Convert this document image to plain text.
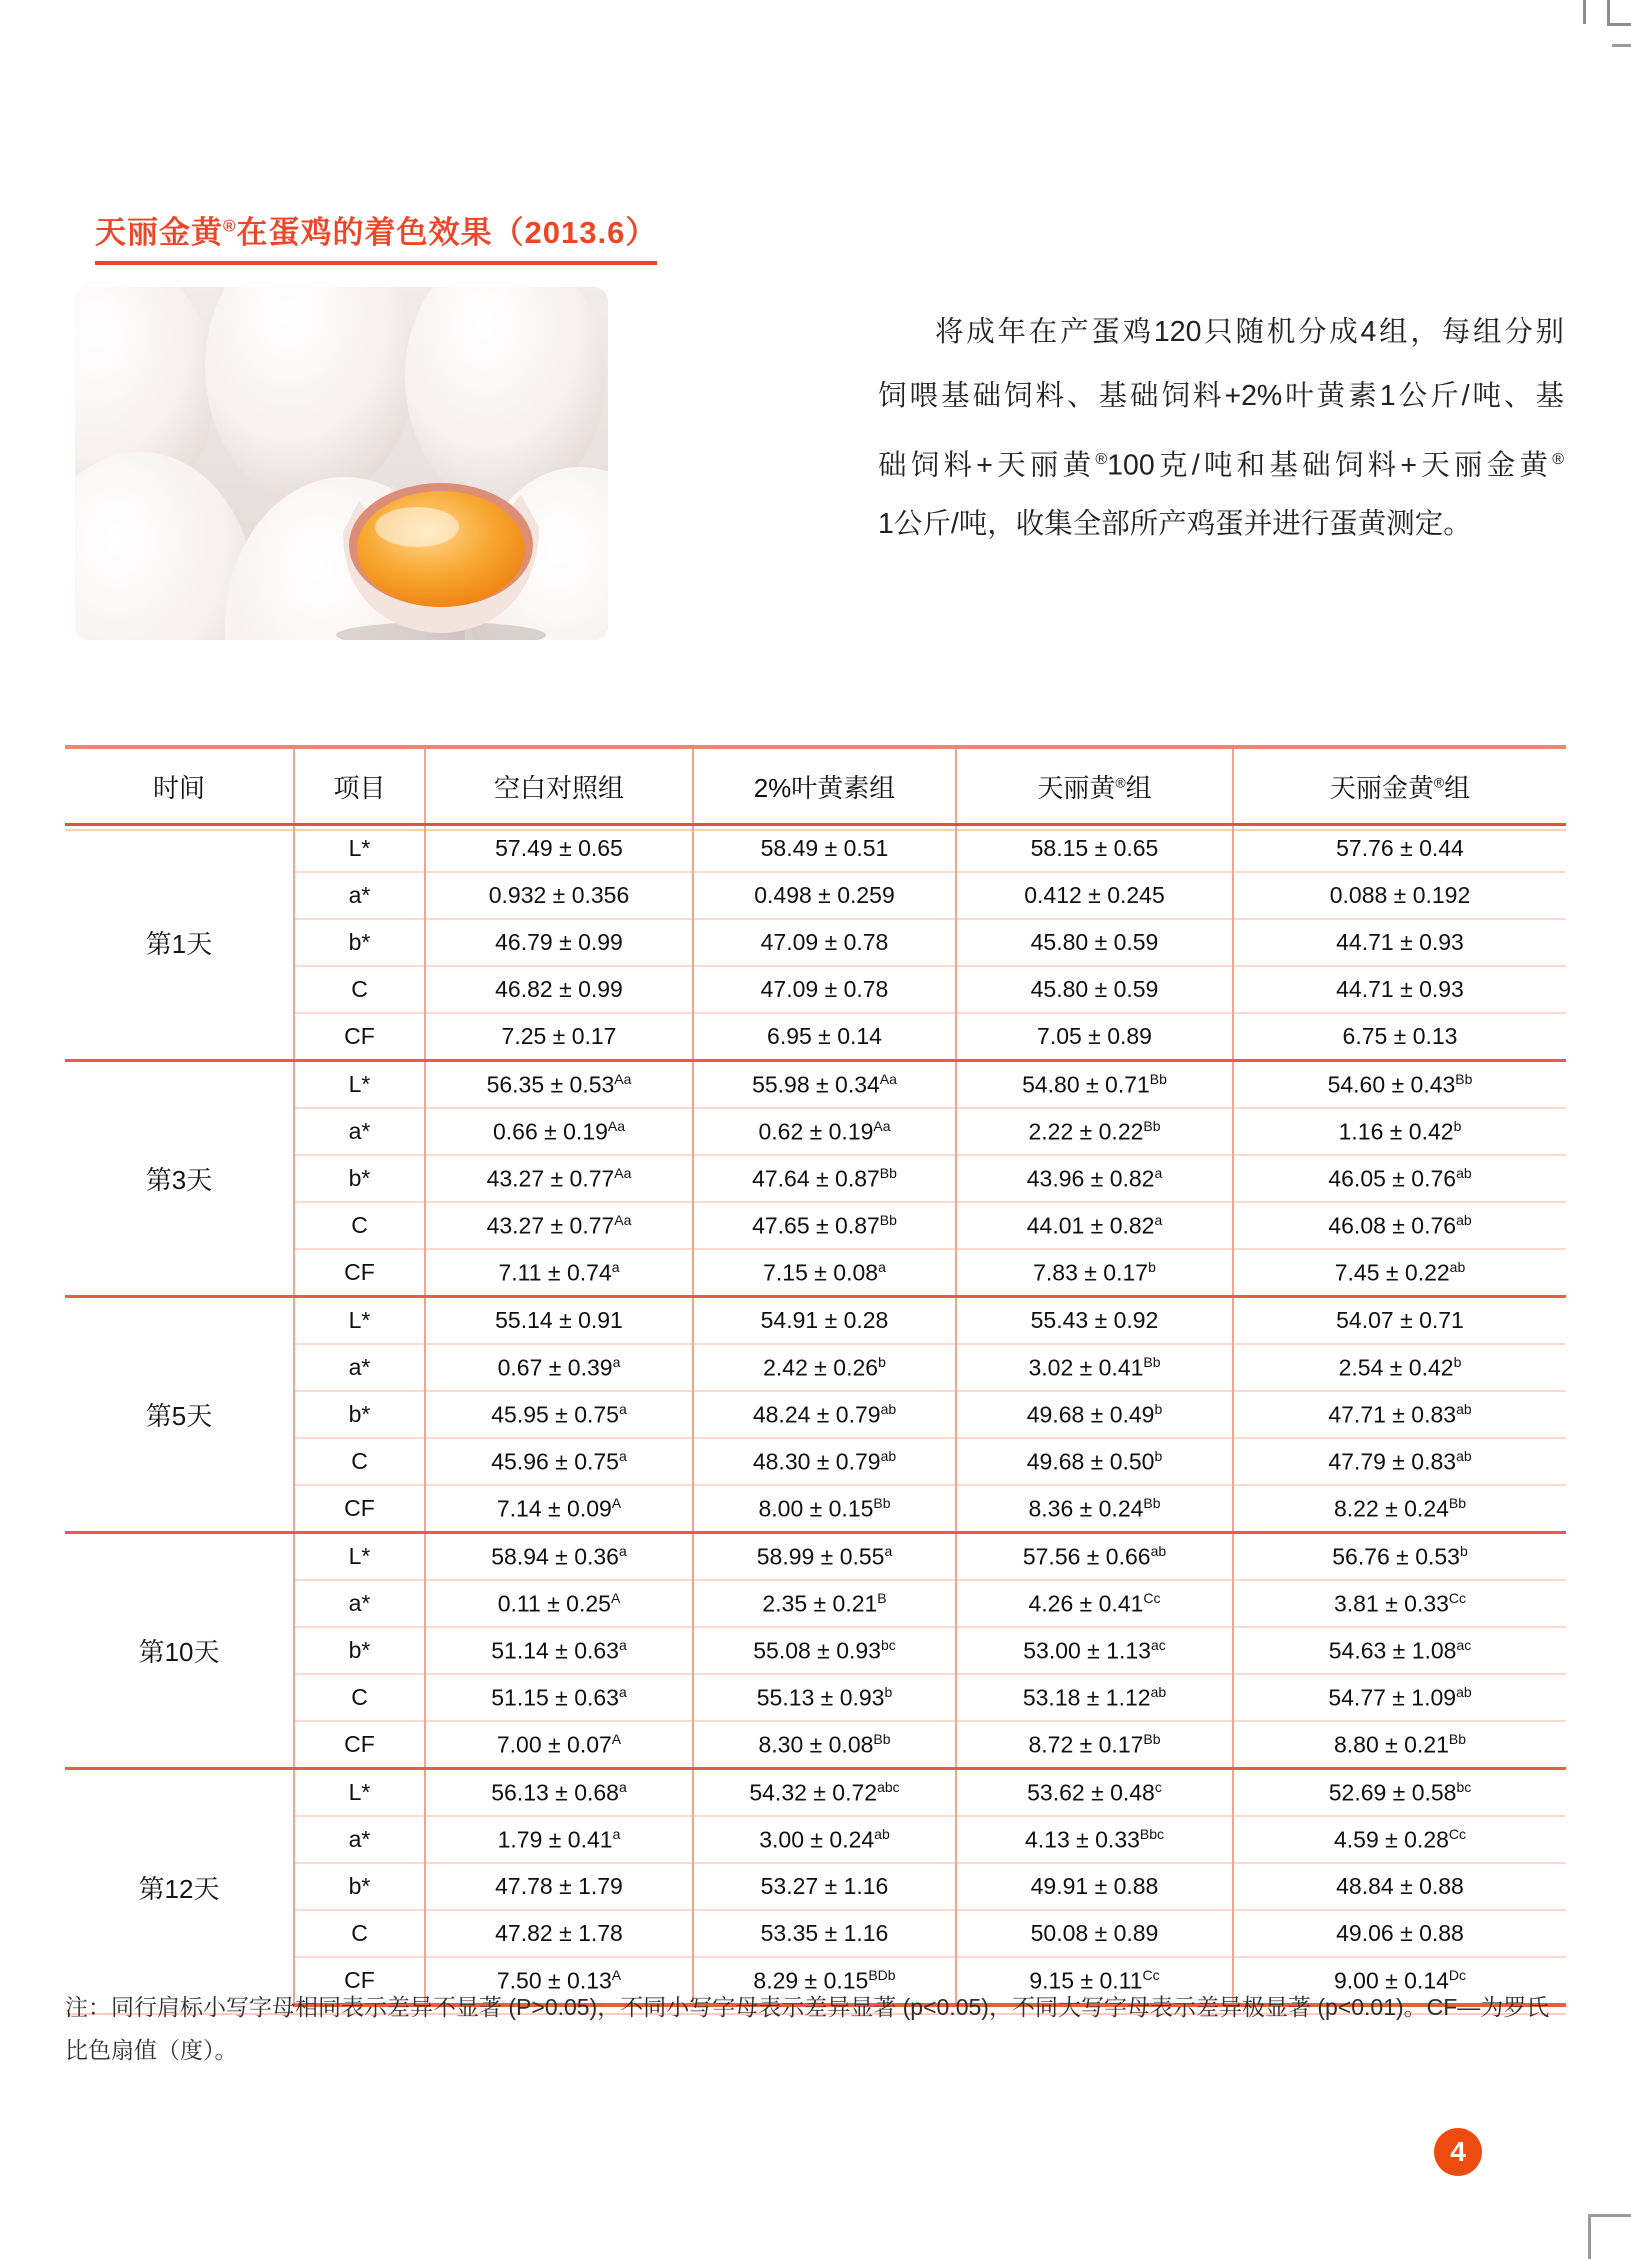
天丽金黄®在蛋鸡的着色效果（2013.6）
将成年在产蛋鸡120只随机分成4组，每组分别
饲喂基础饲料、基础饲料+2%叶黄素1公斤/吨、基
础饲料+天丽黄®100克/吨和基础饲料+天丽金黄®
1公斤/吨，收集全部所产鸡蛋并进行蛋黄测定。
时间	项目	空白对照组	2%叶黄素组	天丽黄®组	天丽金黄®组
第1天	L*	57.49 ± 0.65	58.49 ± 0.51	58.15 ± 0.65	57.76 ± 0.44
	a*	0.932 ± 0.356	0.498 ± 0.259	0.412 ± 0.245	0.088 ± 0.192
	b*	46.79 ± 0.99	47.09 ± 0.78	45.80 ± 0.59	44.71 ± 0.93
	C	46.82 ± 0.99	47.09 ± 0.78	45.80 ± 0.59	44.71 ± 0.93
	CF	7.25 ± 0.17	6.95 ± 0.14	7.05 ± 0.89	6.75 ± 0.13
第3天	L*	$56.35 \pm 0.53^{Aa}$	$55.98 \pm 0.34^{Aa}$	$54.80 \pm 0.71^{Bb}$	$54.60 \pm 0.43^{Bb}$
	a*	$0.66 \pm 0.19^{Aa}$	$0.62 \pm 0.19^{Aa}$	$2.22 \pm 0.22^{Bb}$	1.16 ± 0.42$^b$
	b*	$43.27 \pm 0.77^{Aa}$	$47.64 \pm 0.87^{Bb}$	43.96 ± 0.82$^a$	46.05 ± 0.76$^{ab}$
	C	$43.27 \pm 0.77^{Aa}$	$47.65 \pm 0.87^{Bb}$	44.01 ± 0.82$^a$	46.08 ± 0.76$^{ab}$
	CF	7.11 ± 0.74$^a$	7.15 ± 0.08$^a$	7.83 ± 0.17$^b$	7.45 ± 0.22$^{ab}$
第5天	L*	55.14 ± 0.91	54.91 ± 0.28	55.43 ± 0.92	54.07 ± 0.71
	a*	0.67 ± 0.39$^a$	2.42 ± 0.26$^b$	$3.02 \pm 0.41^{Bb}$	2.54 ± 0.42$^b$
	b*	45.95 ± 0.75$^a$	48.24 ± 0.79$^{ab}$	49.68 ± 0.49$^b$	47.71 ± 0.83$^{ab}$
	C	45.96 ± 0.75$^a$	48.30 ± 0.79$^{ab}$	49.68 ± 0.50$^b$	47.79 ± 0.83$^{ab}$
	CF	$7.14 \pm 0.09^A$	$8.00 \pm 0.15^{Bb}$	$8.36 \pm 0.24^{Bb}$	$8.22 \pm 0.24^{Bb}$
第10天	L*	58.94 ± 0.36$^a$	58.99 ± 0.55$^a$	57.56 ± 0.66$^{ab}$	56.76 ± 0.53$^b$
	a*	$0.11 \pm 0.25^A$	$2.35 \pm 0.21^B$	$4.26 \pm 0.41^{Cc}$	$3.81 \pm 0.33^{Cc}$
	b*	51.14 ± 0.63$^a$	55.08 ± 0.93$^{bc}$	53.00 ± 1.13$^{ac}$	54.63 ± 1.08$^{ac}$
	C	51.15 ± 0.63$^a$	55.13 ± 0.93$^b$	53.18 ± 1.12$^{ab}$	54.77 ± 1.09$^{ab}$
	CF	$7.00 \pm 0.07^A$	$8.30 \pm 0.08^{Bb}$	$8.72 \pm 0.17^{Bb}$	$8.80 \pm 0.21^{Bb}$
第12天	L*	56.13 ± 0.68$^a$	54.32 ± 0.72$^{abc}$	53.62 ± 0.48$^c$	52.69 ± 0.58$^{bc}$
	a*	1.79 ± 0.41$^a$	3.00 ± 0.24$^{ab}$	$4.13 \pm 0.33^{Bbc}$	$4.59 \pm 0.28^{Cc}$
	b*	47.78 ± 1.79	53.27 ± 1.16	49.91 ± 0.88	48.84 ± 0.88
	C	47.82 ± 1.78	53.35 ± 1.16	50.08 ± 0.89	49.06 ± 0.88
	CF	$7.50 \pm 0.13^A$	$8.29 \pm 0.15^{BDb}$	$9.15 \pm 0.11^{Cc}$	$9.00 \pm 0.14^{Dc}$
注：同行肩标小写字母相同表示差异不显著 (P>0.05)，不同小写字母表示差异显著 (p<0.05)，不同大写字母表示差异极显著 (p<0.01)。CF—为罗氏
比色扇值（度）。
4
